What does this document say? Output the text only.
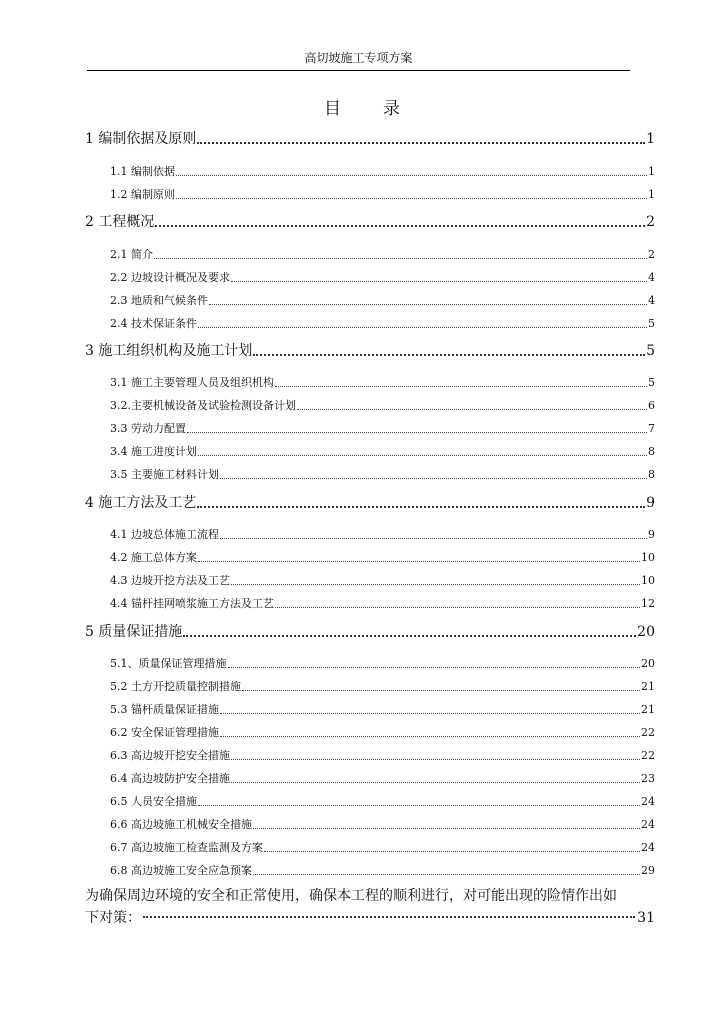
高切坡施工专项方案
目 录
1 编制依据及原则	1
1.1 编制依据	1
1.2 编制原则	1
2 工程概况	2
2.1 简介	2
2.2 边坡设计概况及要求	4
2.3 地质和气候条件	4
2.4 技术保证条件	5
3 施工组织机构及施工计划	5
3.1 施工主要管理人员及组织机构	5
3.2.主要机械设备及试验检测设备计划	6
3.3 劳动力配置	7
3.4 施工进度计划	8
3.5 主要施工材料计划	8
4 施工方法及工艺	9
4.1 边坡总体施工流程	9
4.2 施工总体方案	10
4.3 边坡开挖方法及工艺	10
4.4 锚杆挂网喷浆施工方法及工艺	12
5 质量保证措施	20
5.1、质量保证管理措施	20
5.2 土方开挖质量控制措施	21
5.3 锚杆质量保证措施	21
6.2 安全保证管理措施	22
6.3 高边坡开挖安全措施	22
6.4 高边坡防护安全措施	23
6.5 人员安全措施	24
6.6 高边坡施工机械安全措施	24
6.7 高边坡施工检查监测及方案	24
6.8 高边坡施工安全应急预案	29
为确保周边环境的安全和正常使用，确保本工程的顺利进行，对可能出现的险情作出如
下对策：	31
